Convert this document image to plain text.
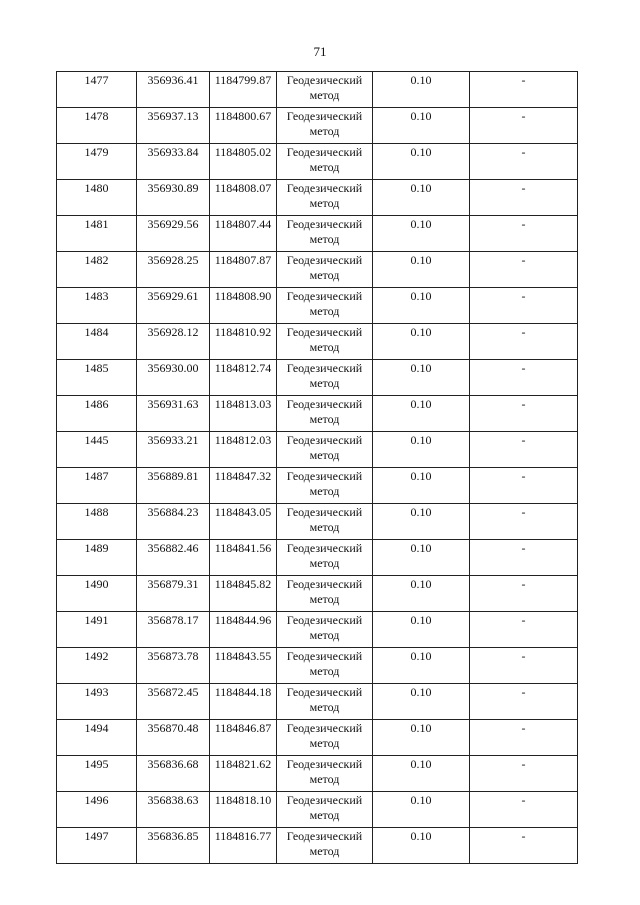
71
1477	356936.41	1184799.87	Геодезический метод	0.10	-

1478	356937.13	1184800.67	Геодезический метод	0.10	-

1479	356933.84	1184805.02	Геодезический метод	0.10	-

1480	356930.89	1184808.07	Геодезический метод	0.10	-

1481	356929.56	1184807.44	Геодезический метод	0.10	-

1482	356928.25	1184807.87	Геодезический метод	0.10	-

1483	356929.61	1184808.90	Геодезический метод	0.10	-

1484	356928.12	1184810.92	Геодезический метод	0.10	-

1485	356930.00	1184812.74	Геодезический метод	0.10	-

1486	356931.63	1184813.03	Геодезический метод	0.10	-

1445	356933.21	1184812.03	Геодезический метод	0.10	-

1487	356889.81	1184847.32	Геодезический метод	0.10	-

1488	356884.23	1184843.05	Геодезический метод	0.10	-

1489	356882.46	1184841.56	Геодезический метод	0.10	-

1490	356879.31	1184845.82	Геодезический метод	0.10	-

1491	356878.17	1184844.96	Геодезический метод	0.10	-

1492	356873.78	1184843.55	Геодезический метод	0.10	-

1493	356872.45	1184844.18	Геодезический метод	0.10	-

1494	356870.48	1184846.87	Геодезический метод	0.10	-

1495	356836.68	1184821.62	Геодезический метод	0.10	-

1496	356838.63	1184818.10	Геодезический метод	0.10	-

1497	356836.85	1184816.77	Геодезический метод	0.10	-
